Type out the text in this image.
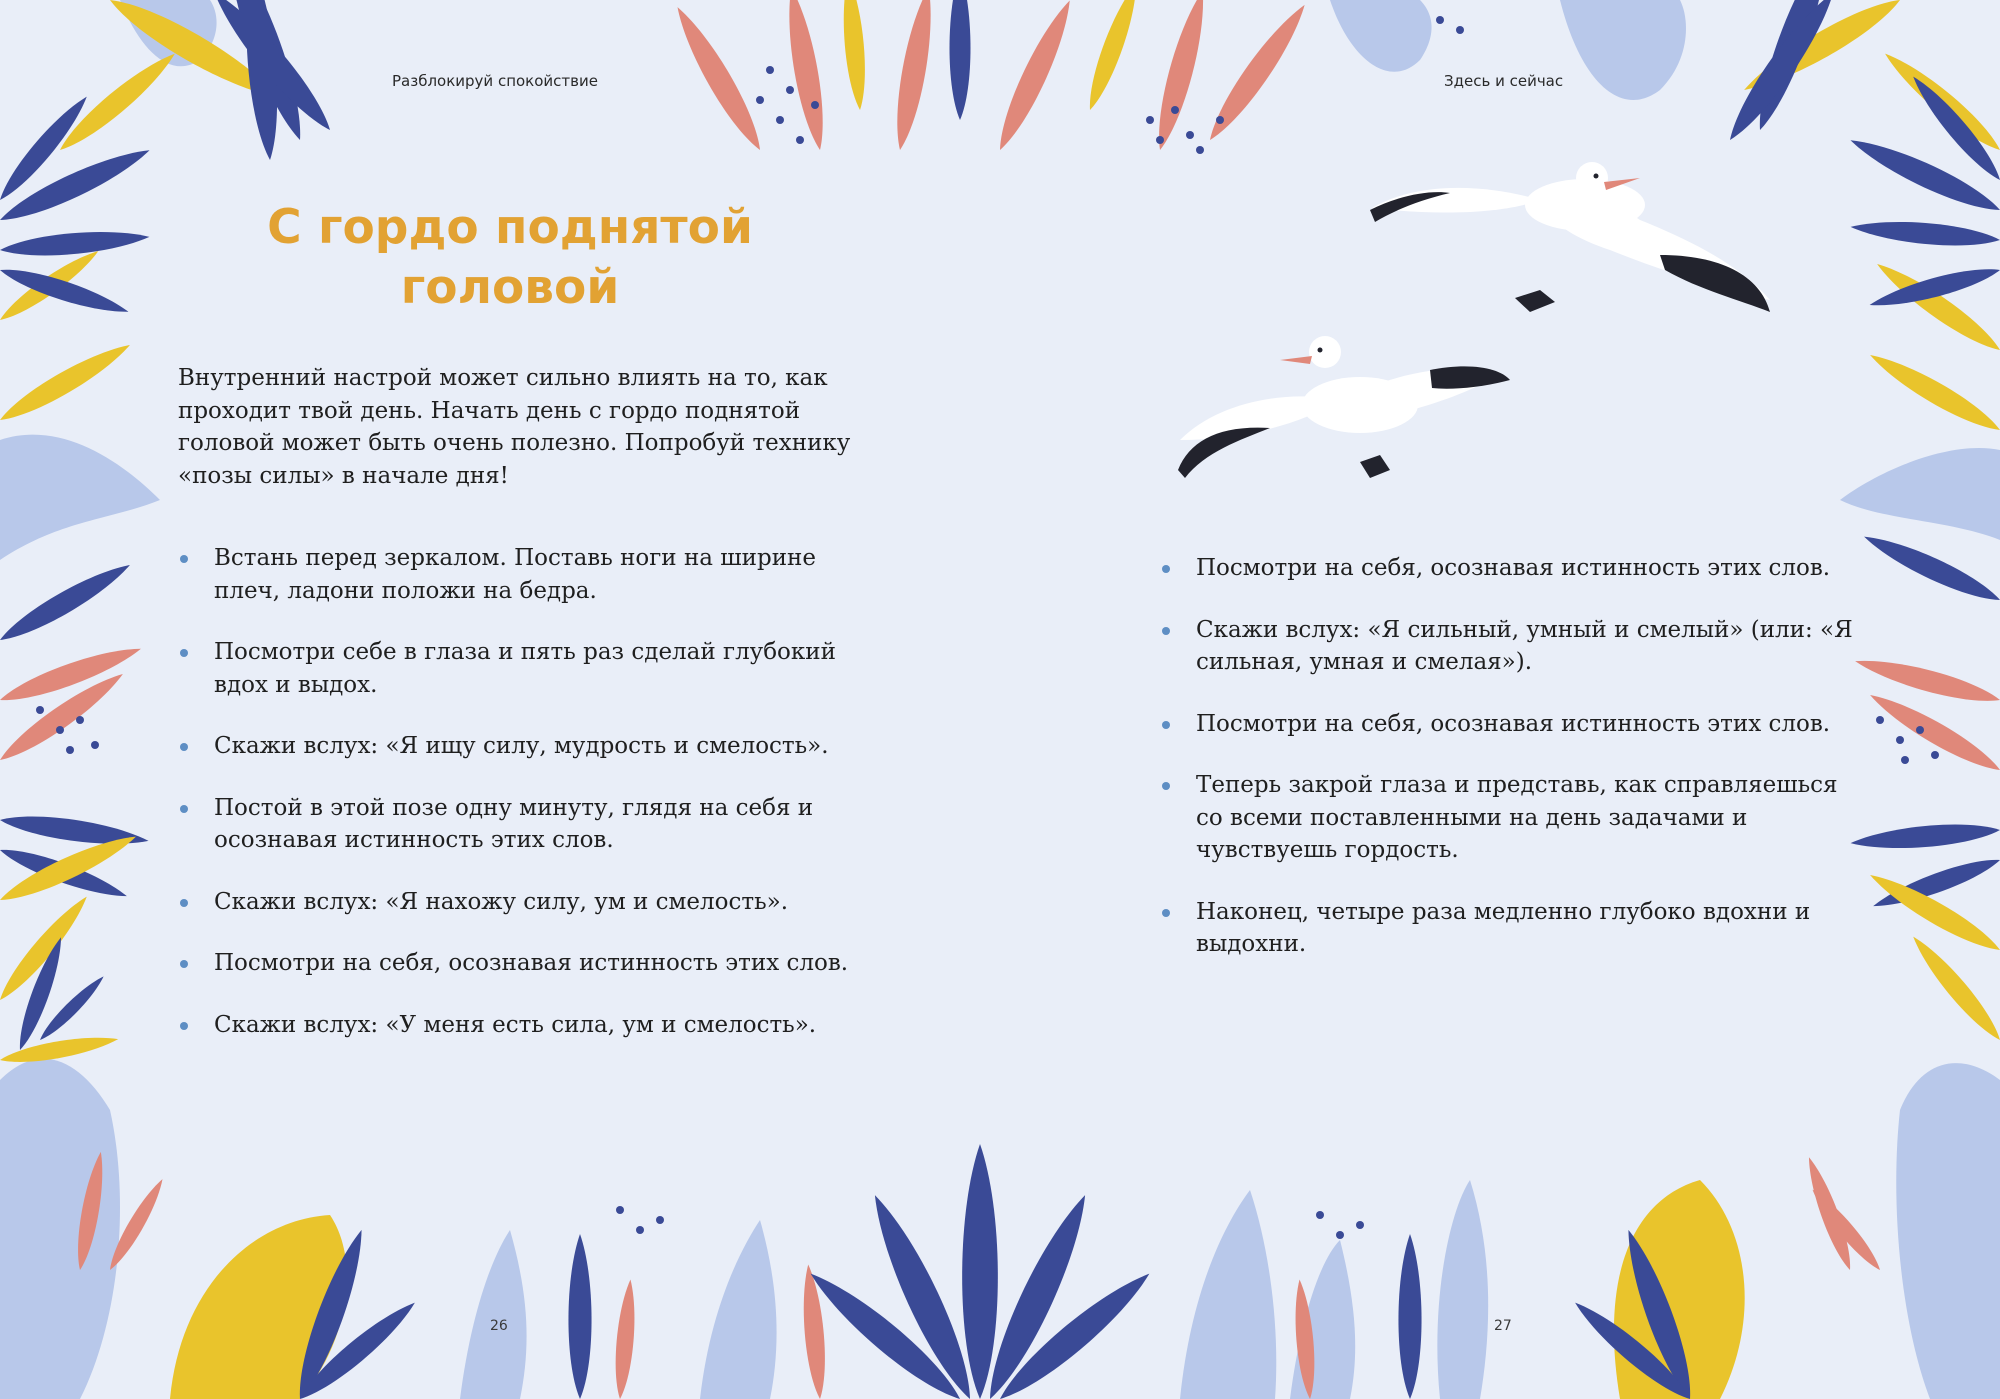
Разблокируй спокойствие	Здесь и сейчас
С гордо поднятой
головой

Внутренний настрой может сильно влиять на то, как проходит твой день. Начать день с гордо поднятой головой может быть очень полезно. Попробуй технику «позы силы» в начале дня!

Встань перед зеркалом. Поставь ноги на ширине плеч, ладони положи на бедра.
Посмотри себе в глаза и пять раз сделай глубокий вдох и выдох.
Скажи вслух: «Я ищу силу, мудрость и смелость».
Постой в этой позе одну минуту, глядя на себя и осознавая истинность этих слов.
Скажи вслух: «Я нахожу силу, ум и смелость».
Посмотри на себя, осознавая истинность этих слов.
Скажи вслух: «У меня есть сила, ум и смелость».
Посмотри на себя, осознавая истинность этих слов.
Скажи вслух: «Я сильный, умный и смелый» (или: «Я сильная, умная и смелая»).
Посмотри на себя, осознавая истинность этих слов.
Теперь закрой глаза и представь, как справляешься со всеми поставленными на день задачами и чувствуешь гордость.
Наконец, четыре раза медленно глубоко вдохни и выдохни.
26	27
